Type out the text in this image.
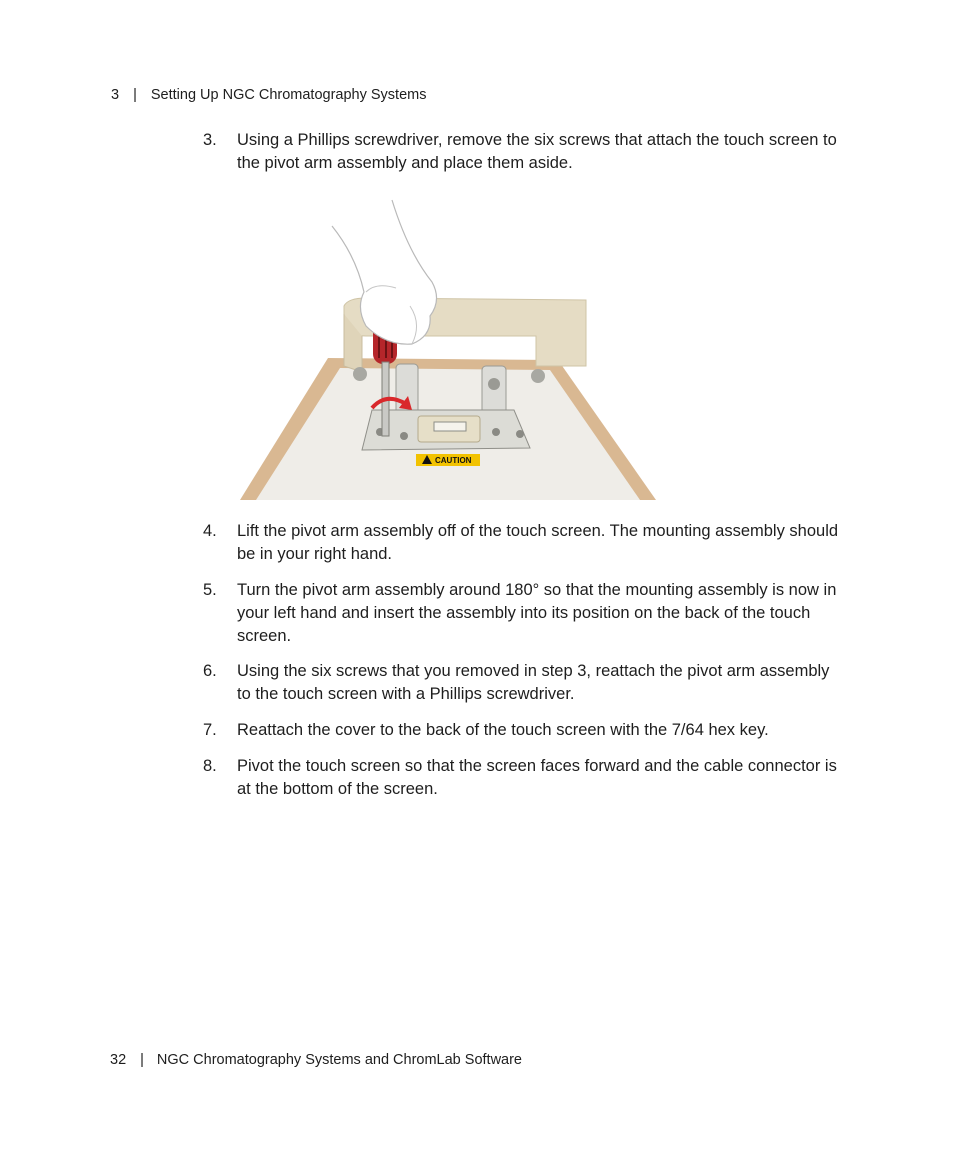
3 | Setting Up NGC Chromatography Systems
3. Using a Phillips screwdriver, remove the six screws that attach the touch screen to the pivot arm assembly and place them aside.
CAUTION
4. Lift the pivot arm assembly off of the touch screen. The mounting assembly should be in your right hand.
5. Turn the pivot arm assembly around 180° so that the mounting assembly is now in your left hand and insert the assembly into its position on the back of the touch screen.
6. Using the six screws that you removed in step 3, reattach the pivot arm assembly to the touch screen with a Phillips screwdriver.
7. Reattach the cover to the back of the touch screen with the 7/64 hex key.
8. Pivot the touch screen so that the screen faces forward and the cable connector is at the bottom of the screen.
32 | NGC Chromatography Systems and ChromLab Software
